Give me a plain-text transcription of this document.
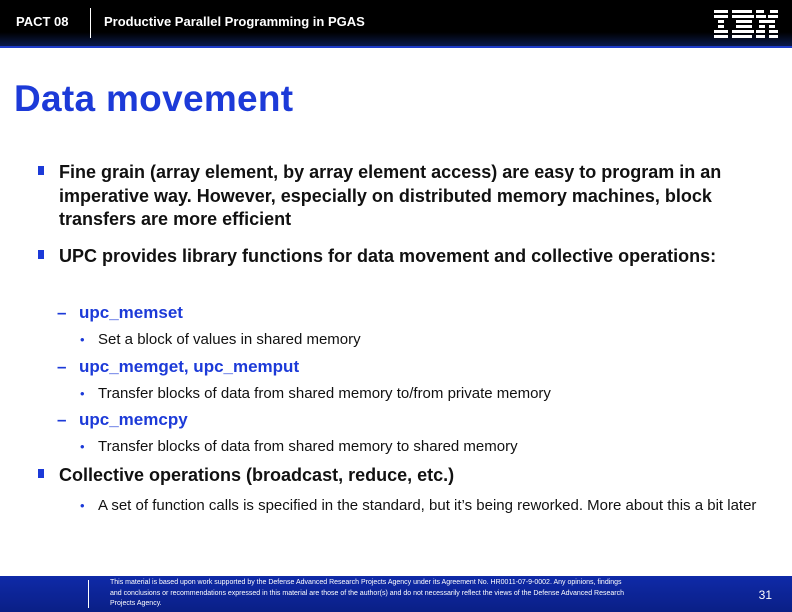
PACT 08	Productive Parallel Programming in PGAS
Data movement
Fine grain (array element, by array element access) are easy to program in an imperative way. However, especially on distributed memory machines, block transfers are more efficient
UPC provides library functions for data movement and collective operations:
– upc_memset
• Set a block of values in shared memory
– upc_memget, upc_memput
• Transfer blocks of data from shared memory to/from private memory
– upc_memcpy
• Transfer blocks of data from shared memory to shared memory
Collective operations (broadcast, reduce, etc.)
• A set of function calls is specified in the standard, but it’s being reworked. More about this a bit later
This material is based upon work supported by the Defense Advanced Research Projects Agency under its Agreement No. HR0011-07-9-0002. Any opinions, findings and conclusions or recommendations expressed in this material are those of the author(s) and do not necessarily reflect the views of the Defense Advanced Research Projects Agency.
31
